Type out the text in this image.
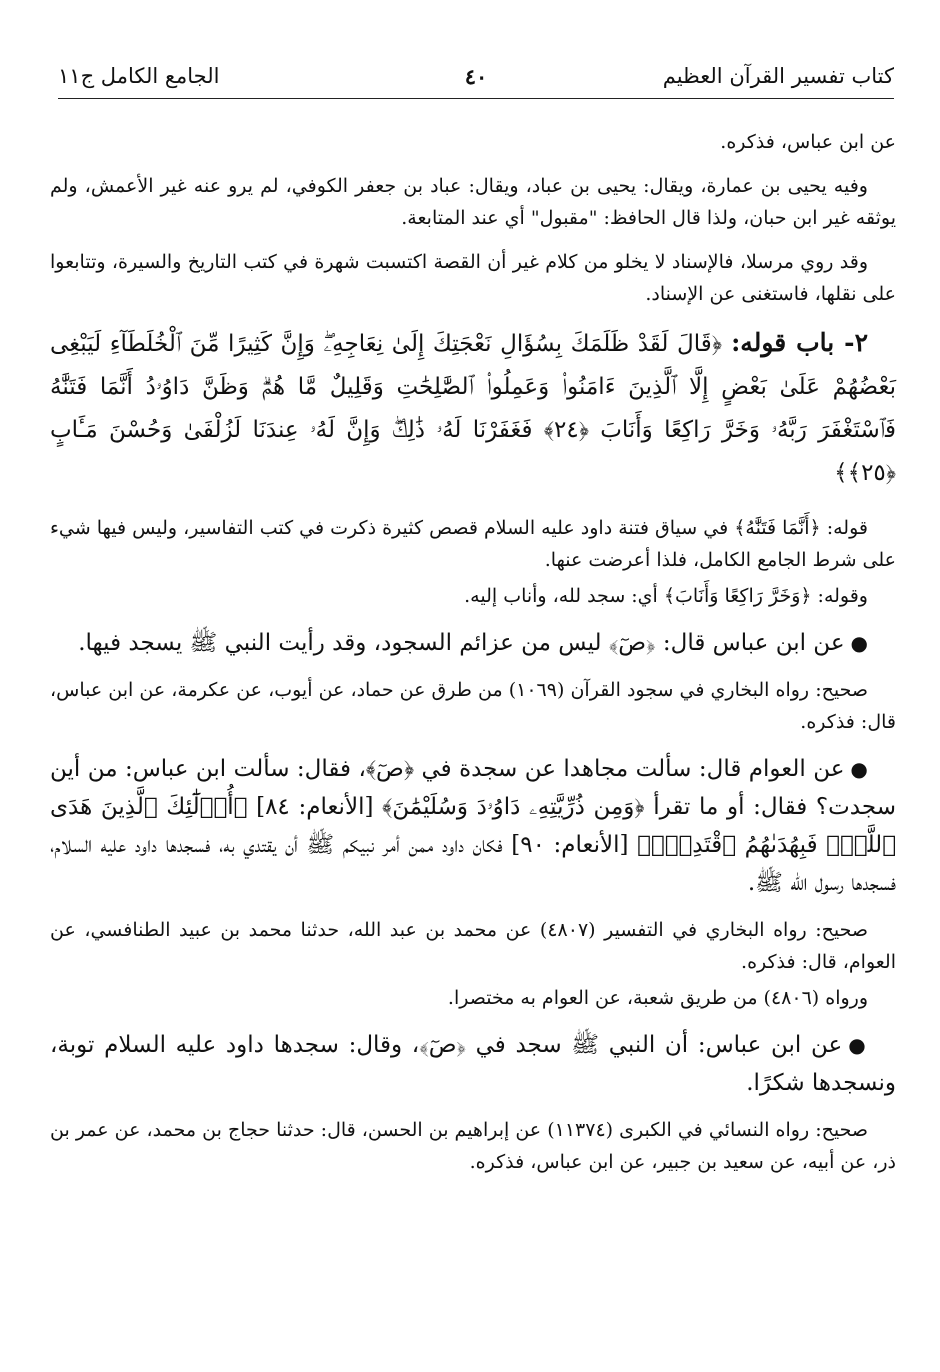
كتاب تفسير القرآن العظيم
٤٠
الجامع الكامل ج١١

عن ابن عباس، فذكره.

وفيه يحيى بن عمارة، ويقال: يحيى بن عباد، ويقال: عباد بن جعفر الكوفي، لم يرو عنه غير الأعمش، ولم يوثقه غير ابن حبان، ولذا قال الحافظ: "مقبول" أي عند المتابعة.

وقد روي مرسلا، فالإسناد لا يخلو من كلام غير أن القصة اكتسبت شهرة في كتب التاريخ والسيرة، وتتابعوا على نقلها، فاستغنى عن الإسناد.

٢- باب قوله: ﴿قَالَ لَقَدْ ظَلَمَكَ بِسُؤَالِ نَعْجَتِكَ إِلَىٰ نِعَاجِهِۦۖ وَإِنَّ كَثِيرًا مِّنَ ٱلْخُلَطَآءِ لَيَبْغِى بَعْضُهُمْ عَلَىٰ بَعْضٍ إِلَّا ٱلَّذِينَ ءَامَنُوا۟ وَعَمِلُوا۟ ٱلصَّٰلِحَٰتِ وَقَلِيلٌ مَّا هُمْۗ وَظَنَّ دَاوُۥدُ أَنَّمَا فَتَنَّٰهُ فَٱسْتَغْفَرَ رَبَّهُۥ وَخَرَّ رَاكِعًا وَأَنَابَ ﴿٢٤﴾ فَغَفَرْنَا لَهُۥ ذَٰلِكَۖ وَإِنَّ لَهُۥ عِندَنَا لَزُلْفَىٰ وَحُسْنَ مَـَٔابٍ ﴿٢٥﴾﴾

قوله: ﴿أَنَّمَا فَتَنَّٰهُ﴾ في سياق فتنة داود عليه السلام قصص كثيرة ذكرت في كتب التفاسير، وليس فيها شيء على شرط الجامع الكامل، فلذا أعرضت عنها.

وقوله: ﴿وَخَرَّ رَاكِعًا وَأَنَابَ﴾ أي: سجد لله، وأناب إليه.

●عن ابن عباس قال: ﴿صٓ﴾ ليس من عزائم السجود، وقد رأيت النبي ﷺ يسجد فيها.

صحيح: رواه البخاري في سجود القرآن (١٠٦٩) من طرق عن حماد، عن أيوب، عن عكرمة، عن ابن عباس، قال: فذكره.

●عن العوام قال: سألت مجاهدا عن سجدة في ﴿صٓ﴾، فقال: سألت ابن عباس: من أين سجدت؟ فقال: أو ما تقرأ ﴿وَمِن ذُرِّيَّتِهِۦ دَاوُۥدَ وَسُلَيْمَٰنَ﴾ [الأنعام: ٨٤] ﴿أُو۟لَٰٓئِكَ ٱلَّذِينَ هَدَى ٱللَّهُۖ فَبِهُدَىٰهُمُ ٱقْتَدِهْۗ﴾ [الأنعام: ٩٠] فكان داود ممن أمر نبيكم ﷺ أن يقتدي به، فسجدها داود عليه السلام، فسجدها رسول الله ﷺ.

صحيح: رواه البخاري في التفسير (٤٨٠٧) عن محمد بن عبد الله، حدثنا محمد بن عبيد الطنافسي، عن العوام، قال: فذكره.

ورواه (٤٨٠٦) من طريق شعبة، عن العوام به مختصرا.

●عن ابن عباس: أن النبي ﷺ سجد في ﴿صٓ﴾، وقال: سجدها داود عليه السلام توبة، ونسجدها شكرًا.

صحيح: رواه النسائي في الكبرى (١١٣٧٤) عن إبراهيم بن الحسن، قال: حدثنا حجاج بن محمد، عن عمر بن ذر، عن أبيه، عن سعيد بن جبير، عن ابن عباس، فذكره.
